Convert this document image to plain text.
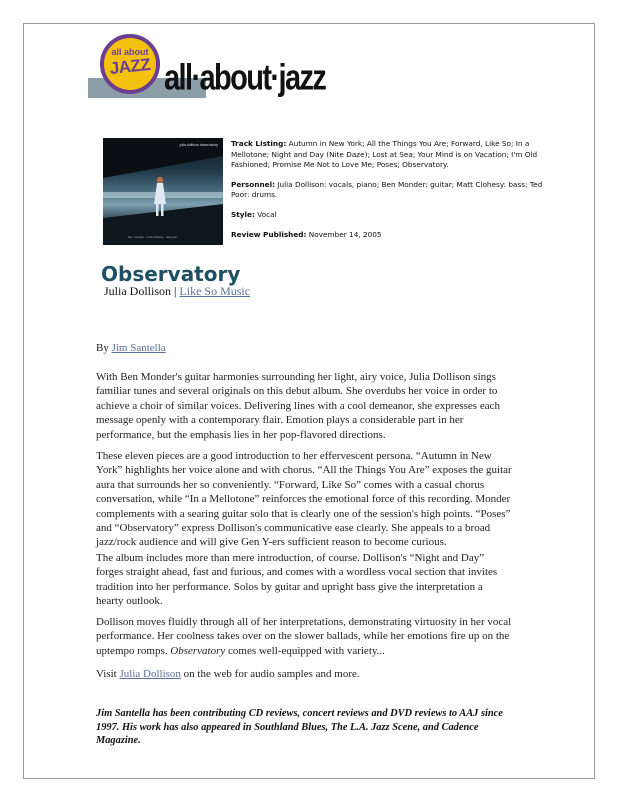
all about
JAZZ all·about·jazz
julia dollison observatory
ben monder · matt clohesy · ted poor

Track Listing: Autumn in New York; All the Things You Are; Forward, Like So; In a Mellotone; Night and Day (Nite Daze); Lost at Sea; Your Mind is on Vacation; I'm Old Fashioned; Promise Me Not to Love Me; Poses; Observatory.

Personnel: Julia Dollison: vocals, piano; Ben Monder: guitar; Matt Clohesy: bass; Ted Poor: drums.

Style: Vocal

Review Published: November 14, 2005

Observatory
Julia Dollison | Like So Music

By Jim Santella

With Ben Monder's guitar harmonies surrounding her light, airy voice, Julia Dollison sings familiar tunes and several originals on this debut album. She overdubs her voice in order to achieve a choir of similar voices. Delivering lines with a cool demeanor, she expresses each message openly with a contemporary flair. Emotion plays a considerable part in her performance, but the emphasis lies in her pop-flavored directions.

These eleven pieces are a good introduction to her effervescent persona. “Autumn in New York” highlights her voice alone and with chorus. “All the Things You Are” exposes the guitar aura that surrounds her so conveniently. “Forward, Like So” comes with a casual chorus conversation, while “In a Mellotone” reinforces the emotional force of this recording. Monder complements with a searing guitar solo that is clearly one of the session's high points. “Poses” and “Observatory” express Dollison's communicative ease clearly. She appeals to a broad jazz/rock audience and will give Gen Y-ers sufficient reason to become curious.

The album includes more than mere introduction, of course. Dollison's “Night and Day” forges straight ahead, fast and furious, and comes with a wordless vocal section that invites tradition into her performance. Solos by guitar and upright bass give the interpretation a hearty outlook.

Dollison moves fluidly through all of her interpretations, demonstrating virtuosity in her vocal performance. Her coolness takes over on the slower ballads, while her emotions fire up on the uptempo romps. Observatory comes well-equipped with variety...

Visit Julia Dollison on the web for audio samples and more.

Jim Santella has been contributing CD reviews, concert reviews and DVD reviews to AAJ since 1997. His work has also appeared in Southland Blues, The L.A. Jazz Scene, and Cadence Magazine.
